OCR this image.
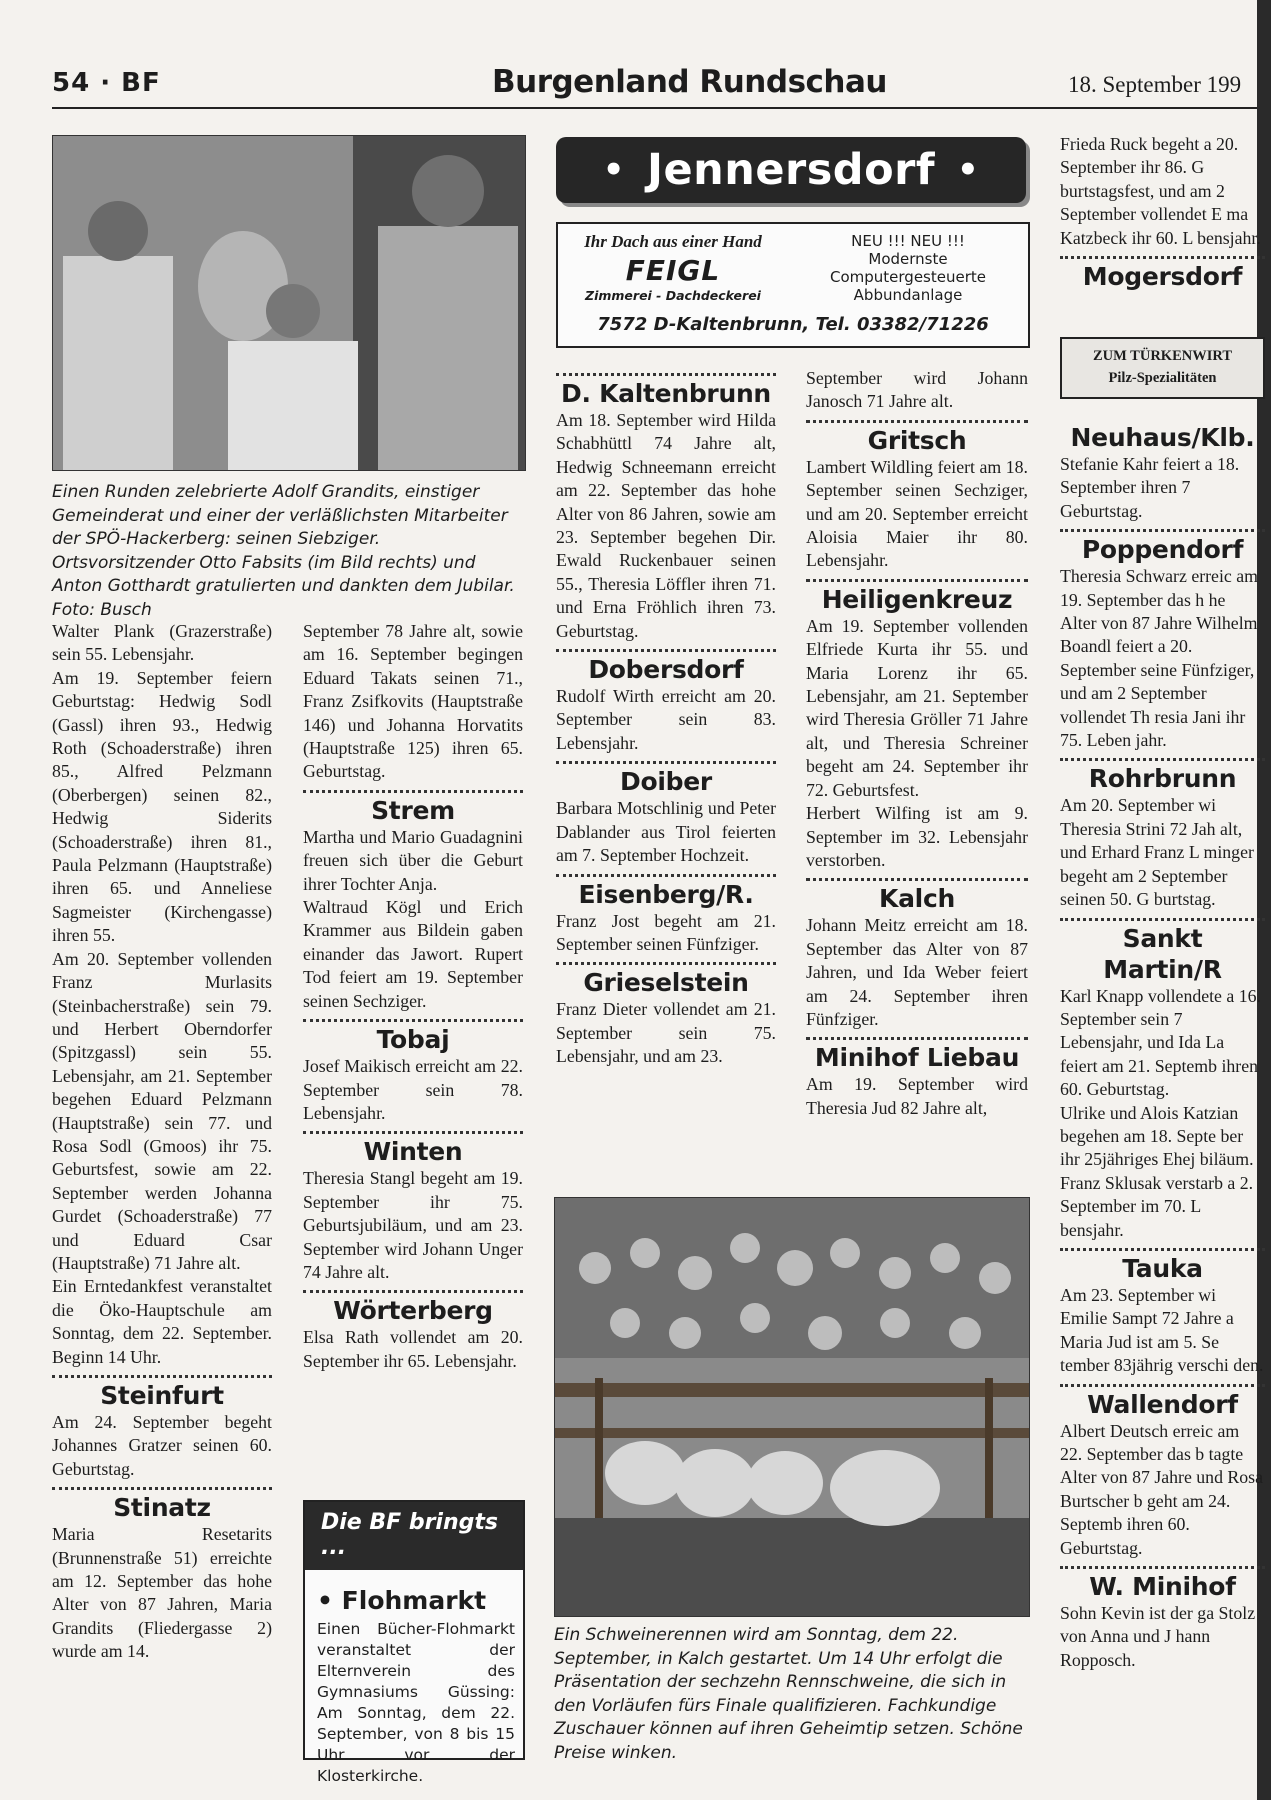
54 · BF	Burgenland Rundschau	18. September 199
Einen Runden zelebrierte Adolf Grandits, einstiger Gemeinderat und einer der verläßlichsten Mitarbeiter der SPÖ-Hackerberg: seinen Siebziger. Ortsvorsitzender Otto Fabsits (im Bild rechts) und Anton Gotthardt gratulierten und dankten dem Jubilar. Foto: Busch
• Jennersdorf •
Ihr Dach aus einer Hand
FEIGL
Zimmerei - Dachdeckerei
NEU !!! NEU !!!
Modernste
Computergesteuerte
Abbundanlage
7572 D-Kaltenbrunn, Tel. 03382/71226

Walter Plank (Grazerstraße) sein 55. Lebensjahr.

Am 19. September feiern Geburtstag: Hedwig Sodl (Gassl) ihren 93., Hedwig Roth (Schoaderstraße) ihren 85., Alfred Pelzmann (Oberbergen) seinen 82., Hedwig Siderits (Schoaderstraße) ihren 81., Paula Pelzmann (Hauptstraße) ihren 65. und Anneliese Sagmeister (Kirchengasse) ihren 55.

Am 20. September vollenden Franz Murlasits (Steinbacherstraße) sein 79. und Herbert Oberndorfer (Spitzgassl) sein 55. Lebensjahr, am 21. September begehen Eduard Pelzmann (Hauptstraße) sein 77. und Rosa Sodl (Gmoos) ihr 75. Geburtsfest, sowie am 22. September werden Johanna Gurdet (Schoaderstraße) 77 und Eduard Csar (Hauptstraße) 71 Jahre alt.

Ein Erntedankfest veranstaltet die Öko-Hauptschule am Sonntag, dem 22. September. Beginn 14 Uhr.

Steinfurt

Am 24. September begeht Johannes Gratzer seinen 60. Geburtstag.

Stinatz

Maria Resetarits (Brunnenstraße 51) erreichte am 12. September das hohe Alter von 87 Jahren, Maria Grandits (Fliedergasse 2) wurde am 14.

September 78 Jahre alt, sowie am 16. September begingen Eduard Takats seinen 71., Franz Zsifkovits (Hauptstraße 146) und Johanna Horvatits (Hauptstraße 125) ihren 65. Geburtstag.

Strem

Martha und Mario Guadagnini freuen sich über die Geburt ihrer Tochter Anja.

Waltraud Kögl und Erich Krammer aus Bildein gaben einander das Jawort. Rupert Tod feiert am 19. September seinen Sechziger.

Tobaj

Josef Maikisch erreicht am 22. September sein 78. Lebensjahr.

Winten

Theresia Stangl begeht am 19. September ihr 75. Geburtsjubiläum, und am 23. September wird Johann Unger 74 Jahre alt.

Wörterberg

Elsa Rath vollendet am 20. September ihr 65. Lebensjahr.

Die BF bringts ...
• Flohmarkt
Einen Bücher-Flohmarkt veranstaltet der Elternverein des Gymnasiums Güssing: Am Sonntag, dem 22. September, von 8 bis 15 Uhr vor der Klosterkirche.
D. Kaltenbrunn

Am 18. September wird Hilda Schabhüttl 74 Jahre alt, Hedwig Schneemann erreicht am 22. September das hohe Alter von 86 Jahren, sowie am 23. September begehen Dir. Ewald Ruckenbauer seinen 55., Theresia Löffler ihren 71. und Erna Fröhlich ihren 73. Geburtstag.

Dobersdorf

Rudolf Wirth erreicht am 20. September sein 83. Lebensjahr.

Doiber

Barbara Motschlinig und Peter Dablander aus Tirol feierten am 7. September Hochzeit.

Eisenberg/R.

Franz Jost begeht am 21. September seinen Fünfziger.

Grieselstein

Franz Dieter vollendet am 21. September sein 75. Lebensjahr, und am 23.

September wird Johann Janosch 71 Jahre alt.

Gritsch

Lambert Wildling feiert am 18. September seinen Sechziger, und am 20. September erreicht Aloisia Maier ihr 80. Lebensjahr.

Heiligenkreuz

Am 19. September vollenden Elfriede Kurta ihr 55. und Maria Lorenz ihr 65. Lebensjahr, am 21. September wird Theresia Gröller 71 Jahre alt, und Theresia Schreiner begeht am 24. September ihr 72. Geburtsfest.

Herbert Wilfing ist am 9. September im 32. Lebensjahr verstorben.

Kalch

Johann Meitz erreicht am 18. September das Alter von 87 Jahren, und Ida Weber feiert am 24. September ihren Fünfziger.

Minihof Liebau

Am 19. September wird Theresia Jud 82 Jahre alt,

Ein Schweinerennen wird am Sonntag, dem 22. September, in Kalch gestartet. Um 14 Uhr erfolgt die Präsentation der sechzehn Rennschweine, die sich in den Vorläufen fürs Finale qualifizieren. Fachkundige Zuschauer können auf ihren Geheimtip setzen. Schöne Preise winken.

Frieda Ruck begeht a 20. September ihr 86. G burtstagsfest, und am 2 September vollendet E ma Katzbeck ihr 60. L bensjahr.

Mogersdorf
ZUM TÜRKENWIRT
Pilz-Spezialitäten
Neuhaus/Klb.

Stefanie Kahr feiert a 18. September ihren 7 Geburtstag.

Poppendorf

Theresia Schwarz erreic am 19. September das h he Alter von 87 Jahre Wilhelm Boandl feiert a 20. September seine Fünfziger, und am 2 September vollendet Th resia Jani ihr 75. Leben jahr.

Rohrbrunn

Am 20. September wi Theresia Strini 72 Jah alt, und Erhard Franz L minger begeht am 2 September seinen 50. G burtstag.

Sankt Martin/R

Karl Knapp vollendete a 16. September sein 7 Lebensjahr, und Ida La feiert am 21. Septemb ihren 60. Geburtstag.

Ulrike und Alois Katzian begehen am 18. Septe ber ihr 25jähriges Ehej biläum.

Franz Sklusak verstarb a 2. September im 70. L bensjahr.

Tauka

Am 23. September wi Emilie Sampt 72 Jahre a Maria Jud ist am 5. Se tember 83jährig verschi den.

Wallendorf

Albert Deutsch erreic am 22. September das b tagte Alter von 87 Jahre und Rosa Burtscher b geht am 24. Septemb ihren 60. Geburtstag.

W. Minihof

Sohn Kevin ist der ga Stolz von Anna und J hann Ropposch.
